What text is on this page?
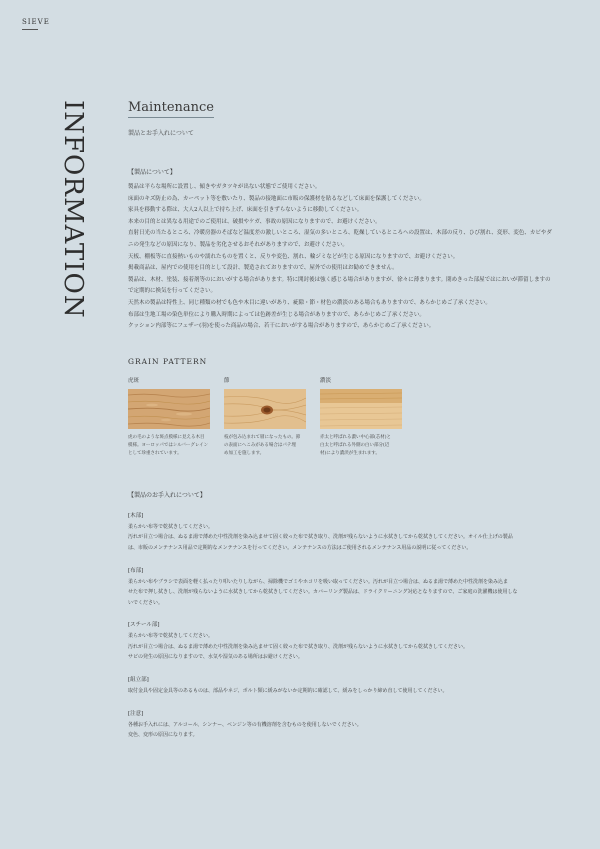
SIEVE
INFORMATION	Maintenance
製品とお手入れについて
【製品について】

製品は平らな場所に設置し、傾きやガタツキが出ない状態でご使用ください。

床面のキズ防止の為、カーペット等を敷いたり、製品の接地面に市販の保護材を貼るなどして床面を保護してください。

家具を移動する際は、大人2人以上で持ち上げ、床面を引きずらないように移動してください。

本来の目的とは異なる用途でのご使用は、破損やケガ、事故の原因になりますので、お避けください。

直射日光の当たるところ、冷暖房器のそばなど温度差の激しいところ、湿気の多いところ、乾燥しているところへの設置は、木部の反り、ひび割れ、変形、変色、カビやダ

ニの発生などの原因になり、製品を劣化させるおそれがありますので、お避けください。

天板、棚板等に直接熱いものや濡れたものを置くと、反りや変色、割れ、輪ジミなどが生じる原因になりますので、お避けください。

掲載商品は、屋内での使用を目的として設計、製造されておりますので、屋外での使用はお勧めできません。

製品は、木材、塗装、接着剤等のにおいがする場合があります。特に開封後は強く感じる場合がありますが、徐々に薄まります。閉めきった部屋ではにおいが滞留しますの

で定期的に換気を行ってください。

天然木の製品は特性上、同じ種類の材でも色や木目に違いがあり、疵隙・節・材色の濃淡のある場合もありますので、あらかじめご了承ください。

布部は生地工場の染色単位により購入時期によっては色跡差が生じる場合がありますので、あらかじめご了承ください。

クッション内部等にフェザー(羽)を使った商品の場合、若干においがする場合がありますので、あらかじめご了承ください。

GRAIN PATTERN
虎斑
虎の毛のような斑点模様に見える木目
模様。ヨーロッパではシルバーグレイン
として珍重されています。
節
枝が包み込まれて層になったもの。節
の表面にへこみがある場合はパテ埋
め加工を施します。
濃淡
赤太と呼ばれる濃い中心部(芯材)と
白太と呼ばれる外側の白い部分(辺
材)により濃淡が生まれます。
【製品のお手入れについて】
[木部]

柔らかい布等で乾拭きしてください。

汚れが目立つ場合は、ぬるま湯で薄めた中性洗剤を染み込ませて固く絞った布で拭き取り、洗剤が残らないように水拭きしてから乾拭きしてください。オイル仕上げの製品

は、市販のメンテナンス用品で定期的なメンテナンスを行ってください。メンテナンスの方法はご使用されるメンテナンス用品の説明に従ってください。

[布部]

柔らかい布やブラシで表面を軽く払ったり叩いたりしながら、掃除機でゴミやホコリを吸い取ってください。汚れが目立つ場合は、ぬるま湯で薄めた中性洗剤を染み込ま

せた布で押し拭きし、洗剤が残らないように水拭きしてから乾拭きしてください。カバーリング製品は、ドライクリーニング対応となりますので、ご家庭の洗濯機は使用しな

いでください。

[スチール部]

柔らかい布等で乾拭きしてください。

汚れが目立つ場合は、ぬるま湯で薄めた中性洗剤を染み込ませて固く絞った布で拭き取り、洗剤が残らないように水拭きしてから乾拭きしてください。

サビの発生の原因になりますので、水気や湿気のある場所はお避けください。

[組立部]

取付金具や固定金具等のあるものは、部品やネジ、ボルト類に緩みがないか定期的に確認して、緩みをしっかり締め直して使用してください。

[注意]

各種お手入れには、アルコール、シンナー、ベンジン等の有機溶剤を含むものを使用しないでください。

変色、変形の原因になります。
